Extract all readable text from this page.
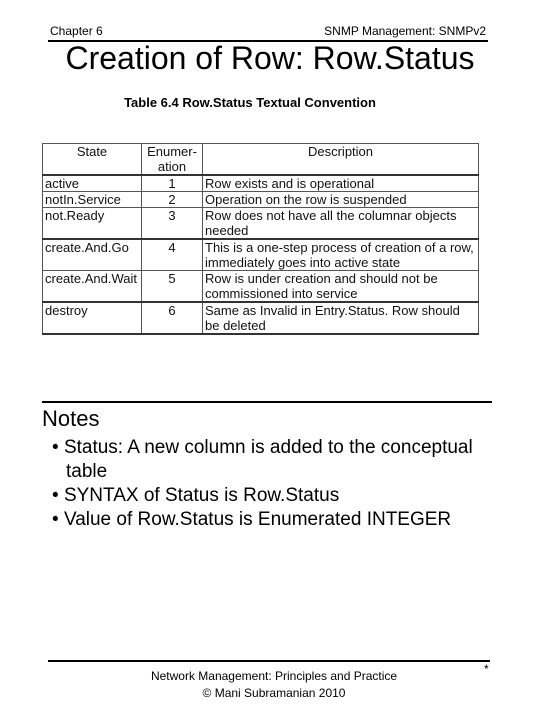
Chapter 6	SNMP Management: SNMPv2
Creation of Row: Row.Status
Table 6.4 Row.Status Textual Convention
State	Enumer-ation	Description
active	1	Row exists and is operational
notIn.Service	2	Operation on the row is suspended
not.Ready	3	Row does not have all the columnar objects needed
create.And.Go	4	This is a one-step process of creation of a row, immediately goes into active state
create.And.Wait	5	Row is under creation and should not be commissioned into service
destroy	6	Same as Invalid in Entry.Status. Row should be deleted
Notes
• Status: A new column is added to the conceptual table
• SYNTAX of Status is Row.Status
• Value of Row.Status is Enumerated INTEGER
*
Network Management: Principles and Practice
© Mani Subramanian 2010
